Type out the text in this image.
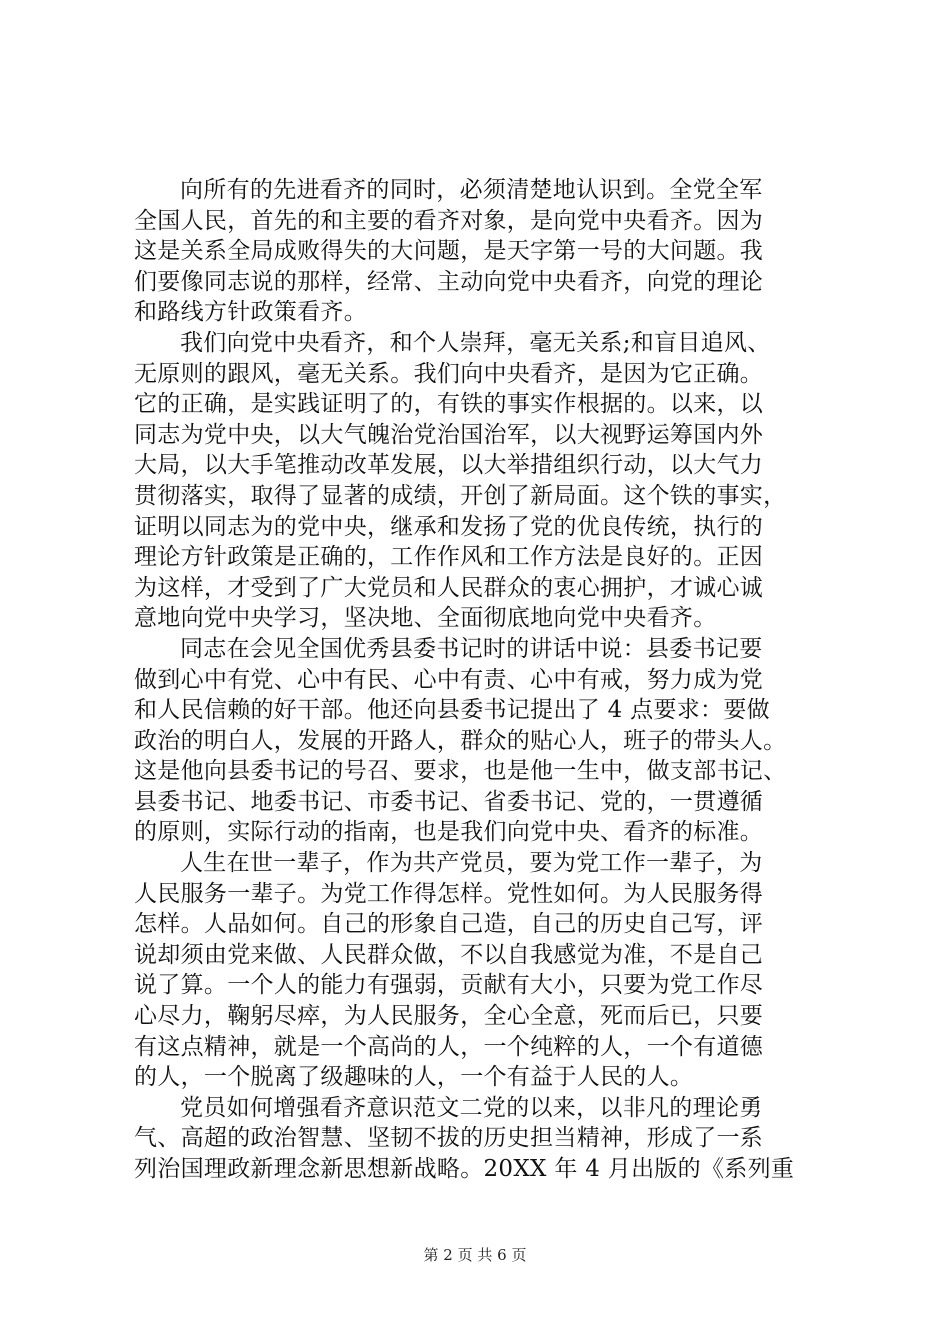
向所有的先进看齐的同时，必须清楚地认识到。全党全军
全国人民，首先的和主要的看齐对象，是向党中央看齐。因为
这是关系全局成败得失的大问题，是天字第一号的大问题。我
们要像同志说的那样，经常、主动向党中央看齐，向党的理论
和路线方针政策看齐。
我们向党中央看齐，和个人崇拜，毫无关系;和盲目追风、
无原则的跟风，毫无关系。我们向中央看齐，是因为它正确。
它的正确，是实践证明了的，有铁的事实作根据的。以来，以
同志为党中央，以大气魄治党治国治军，以大视野运筹国内外
大局，以大手笔推动改革发展，以大举措组织行动，以大气力
贯彻落实，取得了显著的成绩，开创了新局面。这个铁的事实，
证明以同志为的党中央，继承和发扬了党的优良传统，执行的
理论方针政策是正确的，工作作风和工作方法是良好的。正因
为这样，才受到了广大党员和人民群众的衷心拥护，才诚心诚
意地向党中央学习，坚决地、全面彻底地向党中央看齐。
同志在会见全国优秀县委书记时的讲话中说：县委书记要
做到心中有党、心中有民、心中有责、心中有戒，努力成为党
和人民信赖的好干部。他还向县委书记提出了 4 点要求：要做
政治的明白人，发展的开路人，群众的贴心人，班子的带头人。
这是他向县委书记的号召、要求，也是他一生中，做支部书记、
县委书记、地委书记、市委书记、省委书记、党的，一贯遵循
的原则，实际行动的指南，也是我们向党中央、看齐的标准。
人生在世一辈子，作为共产党员，要为党工作一辈子，为
人民服务一辈子。为党工作得怎样。党性如何。为人民服务得
怎样。人品如何。自己的形象自己造，自己的历史自己写，评
说却须由党来做、人民群众做，不以自我感觉为准，不是自己
说了算。一个人的能力有强弱，贡献有大小，只要为党工作尽
心尽力，鞠躬尽瘁，为人民服务，全心全意，死而后已，只要
有这点精神，就是一个高尚的人，一个纯粹的人，一个有道德
的人，一个脱离了级趣味的人，一个有益于人民的人。
党员如何增强看齐意识范文二党的以来，以非凡的理论勇
气、高超的政治智慧、坚韧不拔的历史担当精神，形成了一系
列治国理政新理念新思想新战略。20XX 年 4 月出版的《系列重
第 2 页 共 6 页
